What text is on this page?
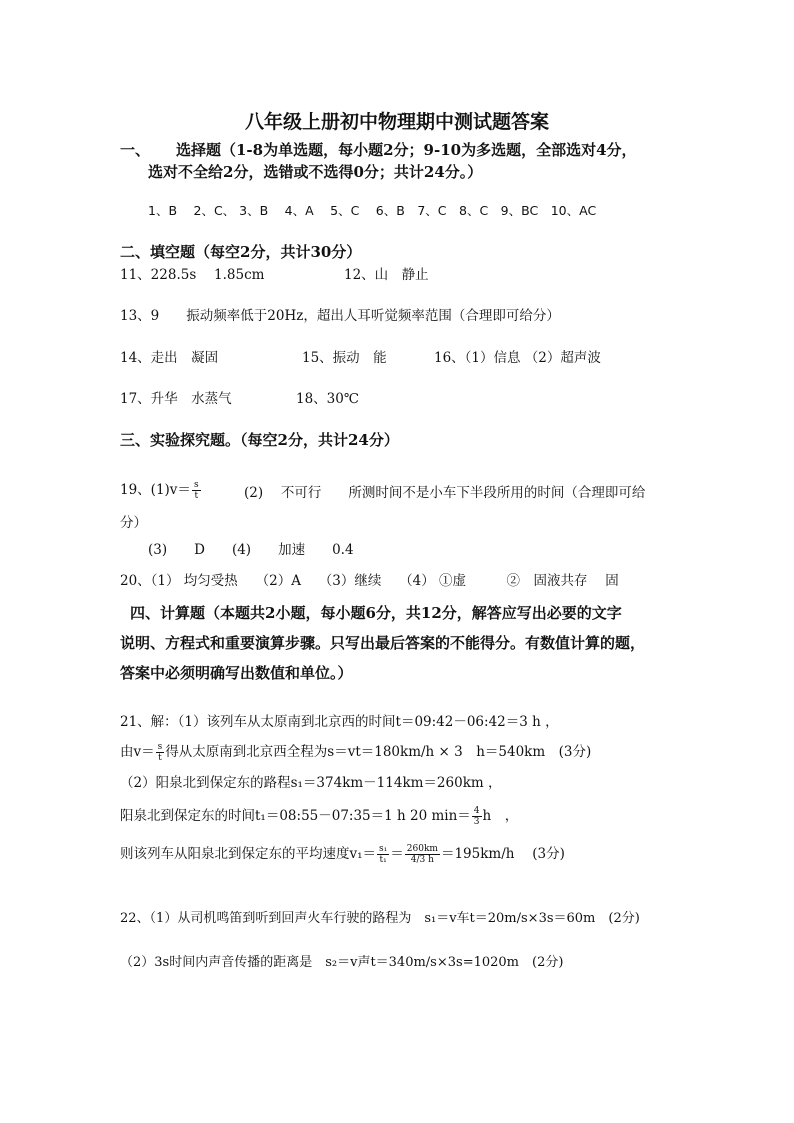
八年级上册初中物理期中测试题答案
一、 选择题（1-8为单选题，每小题2分；9-10为多选题，全部选对4分，
选对不全给2分，选错或不选得0分；共计24分。）
1、B　 2、C、 3、B　 4、A　 5、C　 6、B　7、C　8、C　9、BC　10、AC
二、填空题（每空2分，共计30分）
11、228.5s　 1.85cm	12、山　静止
13、9　　振动频率低于20Hz，超出人耳听觉频率范围（合理即可给分）
14、走出　凝固	15、振动　能	16、（1）信息 （2）超声波
17、升华　水蒸气	18、30℃
三、实验探究题。（每空2分，共计24分）
19、$(1)v= \frac{s}{t}$	(2)　 不可行　　所测时间不是小车下半段所用的时间（合理即可给
分）
(3)　　D　　(4)　　加速　　0.4
20、（1） 均匀受热　 （2）A　 （3）继续　 （4） ①虚　　　②　固液共存　 固
四、计算题（本题共2小题，每小题6分，共12分，解答应写出必要的文字
说明、方程式和重要演算步骤。只写出最后答案的不能得分。有数值计算的题，
答案中必须明确写出数值和单位。）
21、解：（1）该列车从太原南到北京西的时间t＝09:42－06:42＝3 h ，
由$v= \frac{s}{t}$ 得从太原南到北京西全程为s＝vt＝180km/h × 3　h＝540km　(3分)
（2）阳泉北到保定东的路程s₁＝374km－114km＝260km ，
阳泉北到保定东的时间t₁＝08:55－07:35＝1 h 20 $\min= \frac{4}{3}$ h　，
则该列车从阳泉北到保定东的平均速度$v_1= \frac{\text{s₁}}{\text{t₁}} = \frac{260km}{4/3 h} =195km/h$　 (3分)
22、（1）从司机鸣笛到听到回声火车行驶的路程为　s₁＝v车t＝20m/s×3s＝60m　(2分)
（2）3s时间内声音传播的距离是　s₂＝v声t＝340m/s×3s=1020m　(2分)
